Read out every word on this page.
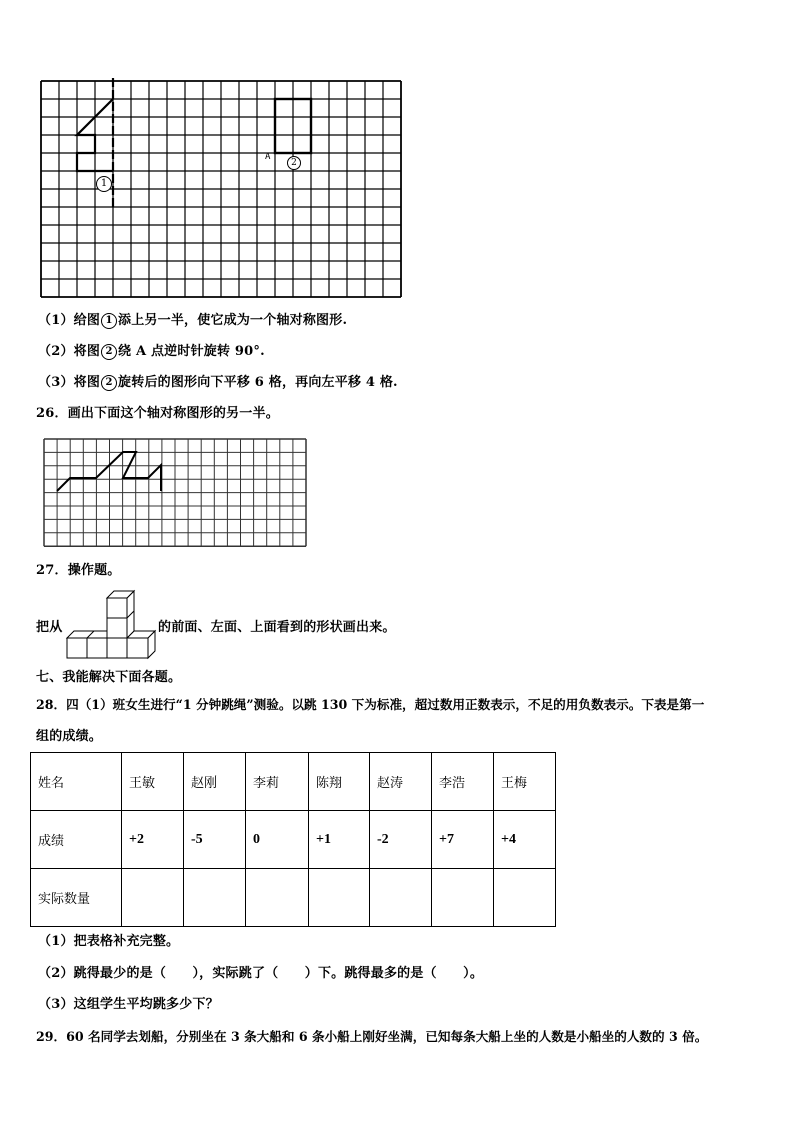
1
A
2
（1）给图 1 添上另一半，使它成为一个轴对称图形.
（2）将图 2 绕 A 点逆时针旋转 90°.
（3）将图 2 旋转后的图形向下平移 6 格，再向左平移 4 格.
26．画出下面这个轴对称图形的另一半。
27．操作题。
把从	的前面、左面、上面看到的形状画出来。
七、我能解决下面各题。
28．四（1）班女生进行“1 分钟跳绳”测验。以跳 130 下为标准，超过数用正数表示，不足的用负数表示。下表是第一
组的成绩。
姓名	王敏	赵刚	李莉	陈翔	赵涛	李浩	王梅
成绩	+2	-5	0	+1	-2	+7	+4
实际数量							
（1）把表格补充完整。
（2）跳得最少的是（　　），实际跳了（　　）下。跳得最多的是（　　）。
（3）这组学生平均跳多少下？
29．60 名同学去划船，分别坐在 3 条大船和 6 条小船上刚好坐满，已知每条大船上坐的人数是小船坐的人数的 3 倍。
